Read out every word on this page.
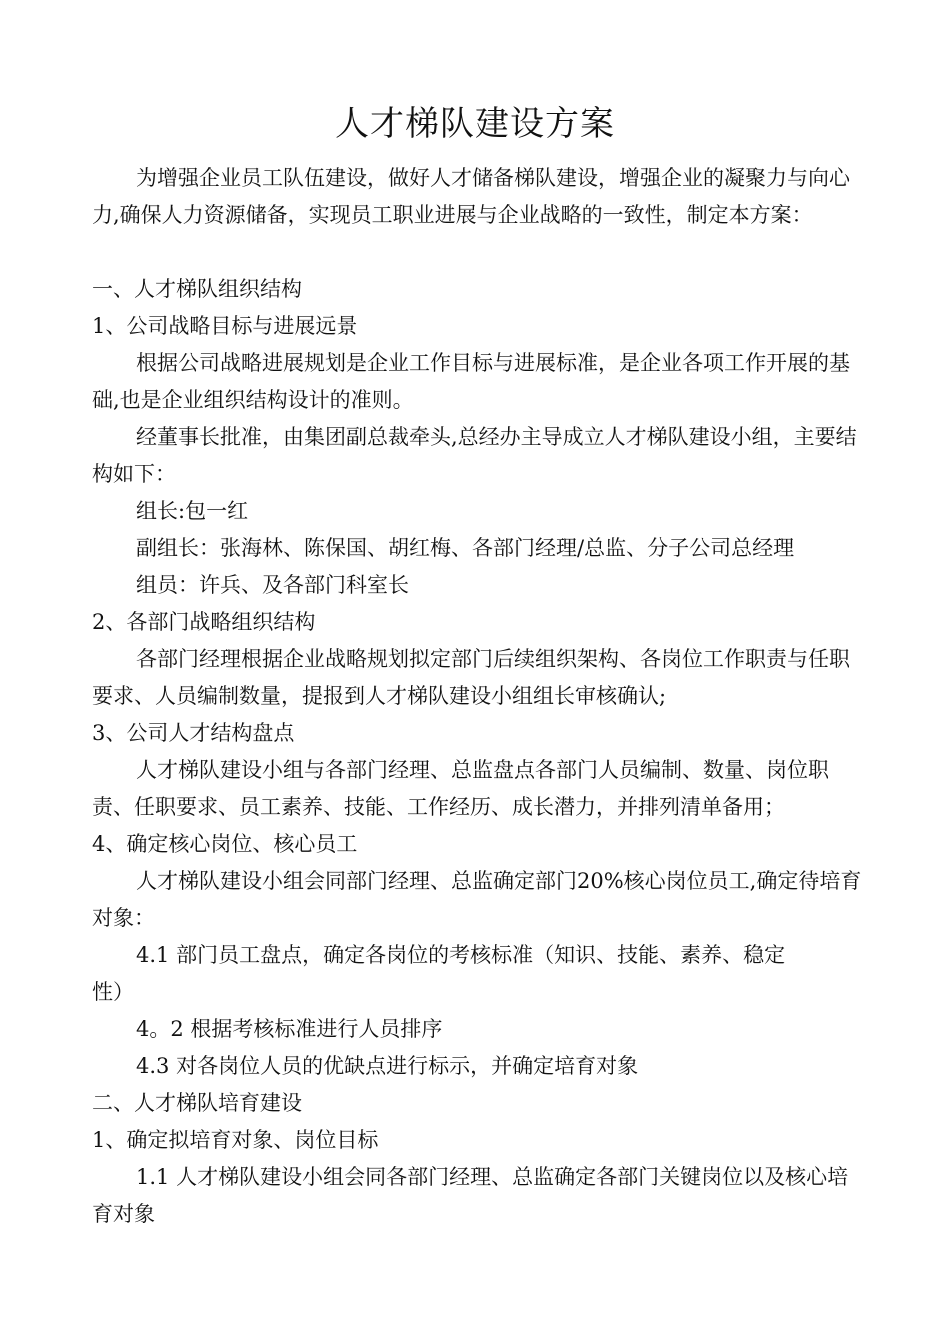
人才梯队建设方案

为增强企业员工队伍建设，做好人才储备梯队建设，增强企业的凝聚力与向心力,确保人力资源储备，实现员工职业进展与企业战略的一致性，制定本方案：

一、人才梯队组织结构

1、公司战略目标与进展远景

根据公司战略进展规划是企业工作目标与进展标准，是企业各项工作开展的基础,也是企业组织结构设计的准则。

经董事长批准，由集团副总裁牵头,总经办主导成立人才梯队建设小组，主要结构如下：

组长:包一红

副组长：张海林、陈保国、胡红梅、各部门经理/总监、分子公司总经理

组员：许兵、及各部门科室长

2、各部门战略组织结构

各部门经理根据企业战略规划拟定部门后续组织架构、各岗位工作职责与任职要求、人员编制数量，提报到人才梯队建设小组组长审核确认;

3、公司人才结构盘点

人才梯队建设小组与各部门经理、总监盘点各部门人员编制、数量、岗位职责、任职要求、员工素养、技能、工作经历、成长潜力，并排列清单备用；

4、确定核心岗位、核心员工

人才梯队建设小组会同部门经理、总监确定部门20%核心岗位员工,确定待培育对象：

4.1 部门员工盘点，确定各岗位的考核标准（知识、技能、素养、稳定

性）

4。2 根据考核标准进行人员排序

4.3 对各岗位人员的优缺点进行标示，并确定培育对象

二、人才梯队培育建设

1、确定拟培育对象、岗位目标

1.1 人才梯队建设小组会同各部门经理、总监确定各部门关键岗位以及核心培育对象
